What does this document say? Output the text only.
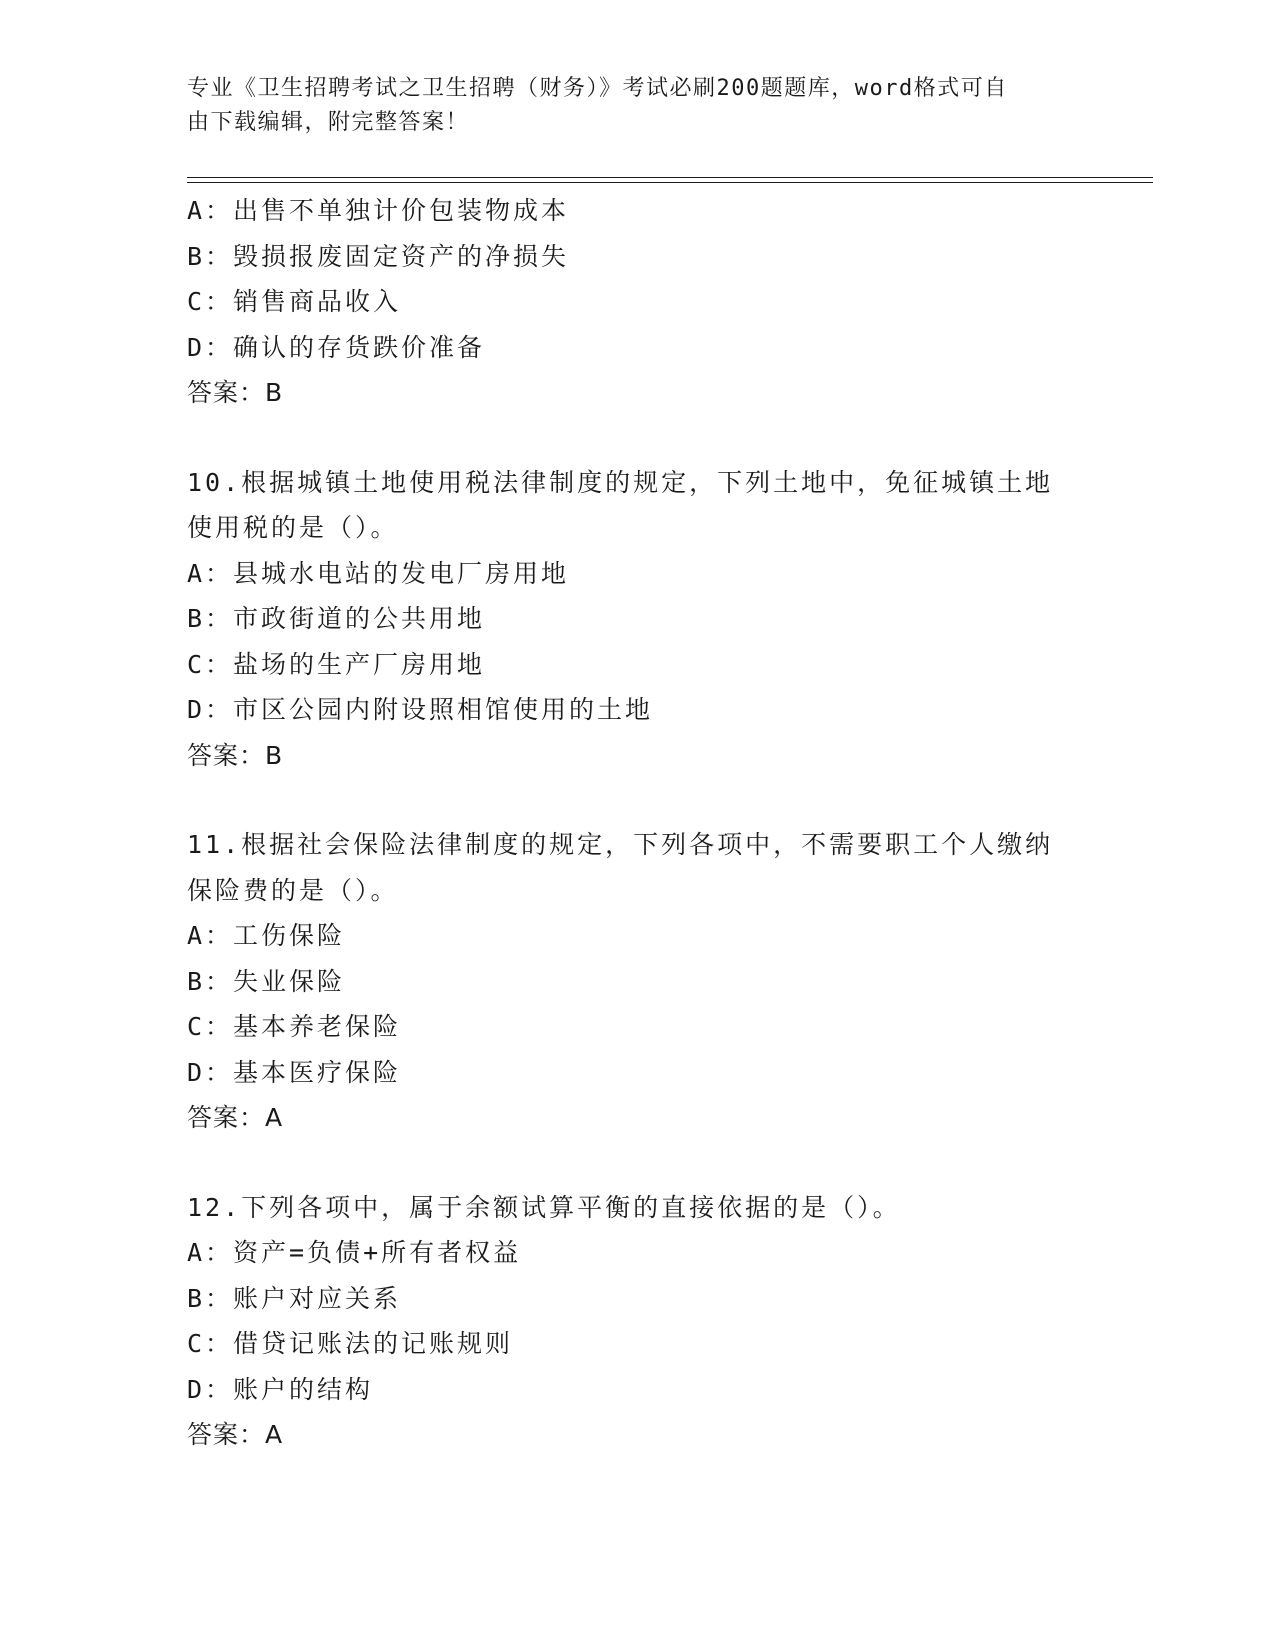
专业《卫生招聘考试之卫生招聘（财务）》考试必刷200题题库，word格式可自
由下载编辑，附完整答案！
A：出售不单独计价包装物成本
B：毁损报废固定资产的净损失
C：销售商品收入
D：确认的存货跌价准备
答案：B
10.根据城镇土地使用税法律制度的规定，下列土地中，免征城镇土地
使用税的是（）。
A：县城水电站的发电厂房用地
B：市政街道的公共用地
C：盐场的生产厂房用地
D：市区公园内附设照相馆使用的土地
答案：B
11.根据社会保险法律制度的规定，下列各项中，不需要职工个人缴纳
保险费的是（）。
A：工伤保险
B：失业保险
C：基本养老保险
D：基本医疗保险
答案：A
12.下列各项中，属于余额试算平衡的直接依据的是（）。
A：资产=负债+所有者权益
B：账户对应关系
C：借贷记账法的记账规则
D：账户的结构
答案：A
